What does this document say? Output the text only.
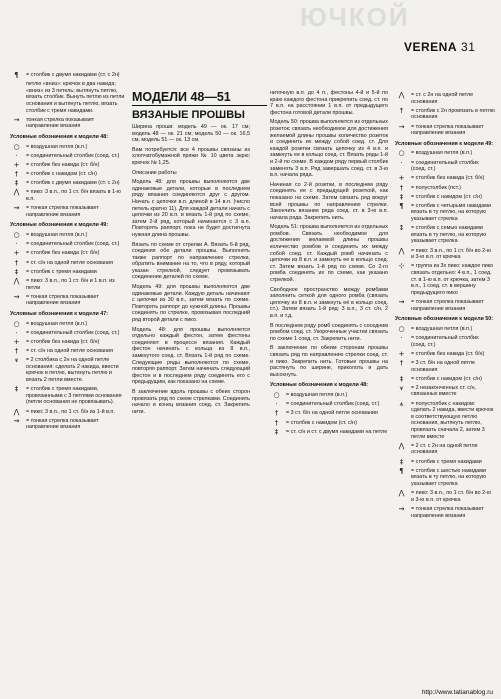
ЮЧКОЙ
VERENA 31
¶	= столбик с двумя накидами (ст. с 2н)
петлю «вниз»: крючок в два накида; «вниз» из 3 петель; вытянуть петлю, вязать столбик. Вынуть петлю из петли основания и вытянуть петлю, вязать столбик с тремя накидами.
→	тонкая стрелка показывает направление вязания
Условные обозначения к модели 48:
○	= воздушная петля (в.п.)
·	= соединительный столбик (соед. ст.)
+	= столбик без накида (ст. б/н)
†	= столбик с накидом (ст. с/н)
‡	= столбик с двумя накидами (ст. с 2н)
⋀	= пико: 3 в.п., по 1 ст. б/н вязать в 1-ю в.п.
⇝	= тонкая стрелка показывает направление вязания
Условные обозначения к модели 49:
○	= воздушная петля (в.п.)
·	= соединительный столбик (соед. ст.)
+	= столбик без накида (ст. б/н)
†	= ст. с/н на одной петле основания
‡	= столбик с тремя накидами
⋀	= пико: 3 в.п., по 1 ст. б/н и 1 в.п. из петли
⇝	= тонкая стрелка показывает направление вязания
Условные обозначения к модели 47:
○	= воздушная петля (в.п.)
·	= соединительный столбик (соед. ст.)
+	= столбик без накида (ст. б/н)
†	= ст. с/н на одной петле основания
⩛	= 2 столбика с 2н на одной петле основания: сделать 2 накида, ввести крючок в петлю, вытянуть петлю и вязать 2 петли вместе.
‡	= столбик с тремя накидами, провязанными с 3 петлями основания (петли основания не провязывать).
⋀	= пико: 3 в.п., по 1 ст. б/н из 1-й в.п.
⇝	= тонкая стрелка показывает направление вязания
МОДЕЛИ 48—51
ВЯЗАНЫЕ ПРОШВЫ
Ширина прошв: модель 49 — ок. 17 см; модель 48 — ок. 21 см; модель 50 — ок. 16,5 см, модель 51 — ок. 13 см.
Вам потребуется: все 4 прошвы связаны из хлопчатобумажной пряжи № 10 цвета экрю; крючок № 1,25.
Описание работы
Модель 48: для прошвы выполняются две одинаковые детали, которые в последнем ряду вязания соединяются друг с другом. Начать с цепочки в.п. длиной в 14 в.п. (число петель кратно 11). Для каждой детали начать с цепочки из 20 в.п. и вязать 1-й ряд по схеме, затем 2-й ряд, который начинается с 3 в.п. Повторять раппорт, пока не будет достигнута нужная длина прошвы.
Вязать по схеме от стрелки А. Вязать 6-й ряд, соединяя обе детали прошвы. Выполнять также раппорт по направлению стрелки, обратить внимание на то, что в ряду, который указан стрелкой, следует провязывать соединение деталей по схеме.
Модель 49: для прошвы выполняются две одинаковые детали. Каждую деталь начинают с цепочки из 30 в.п., затем вязать по схеме. Повторять раппорт до нужной длины. Прошвы соединять по стрелке, провязывая последний ряд второй детали с пико.
Модель 48: для прошвы выполняется отдельно каждый фестон, затем фестоны соединяют в процессе вязания. Каждый фестон начинать с кольца из 8 в.п., замкнутого соед. ст. Вязать 1-й ряд по схеме. Следующие ряды выполняются по схеме, повторяя раппорт. Затем начинать следующий фестон и в последнем ряду соединять его с предыдущим, как показано на схеме.
В заключение вдоль прошвы с обеих сторон провязать ряд по схеме стрелками. Соединить начало и конец вязания соед. ст. Закрепить нити.
ниточную в.п. до 4 п., фестоны 4-й и 5-й по краю каждого фестона прикрепить соед. ст. по 7 в.п. на расстоянии 1 в.п. от предыдущего фестона готовой детали прошвы.
Модель 50: прошва выполняется из отдельных розеток: связать необходимое для достижения желаемой длины прошвы количество розеток и соединить их между собой соед. ст. Для каждой розетки связать цепочку из 4 в.п. и замкнуть ее в кольцо соед. ст. Вязать ряды 1-й и 2-й по схеме. В каждом ряду первый столбик заменять 3 в.п. Ряд завершать соед. ст. в 3-ю в.п. начала ряда.
Начиная со 2-й розетки, в последнем ряду соединять ее с предыдущей розеткой, как показано на схеме. Затем связать ряд вокруг всей прошвы по направлению стрелки. Закончить вязание ряда соед. ст. в 3-ю в.п. начала ряда. Закрепить нить.
Модель 51: прошва выполняется из отдельных ромбов. Связать необходимое для достижения желаемой длины прошвы количество ромбов и соединить их между собой соед. ст. Каждый ромб начинать с цепочки из 8 в.п. и замкнуть ее в кольцо соед. ст. Затем вязать 1-й ряд по схеме. Со 2-го ромба соединять их по схеме, как указано стрелкой.
Свободное пространство между ромбами заполнить сеткой для одного ромба (связать цепочку из 8 в.п. и замкнуть её в кольцо соед. ст.). Затем вязать 1-й ряд: 3 в.п., 3 ст. с/н, 2 в.п. и т.д.
В последнем ряду ромб соединять с соседним ромбом соед. ст. Укороченные участки связать по схеме 1 соед. ст. Закрепить нити.
В заключение по обеим сторонам прошвы связать ряд по направлению стрелки соед. ст. и пико. Закрепить нить. Готовые прошвы на растянуть по ширине, приколоть и дать высохнуть.
Условные обозначения к модели 48:
○	= воздушная петля (в.п.)
·	= соединительный столбик (соед. ст.)
†	= 3 ст. б/н на одной петле основания
†	= столбик с накидом (ст. с/н)
‡	= ст. с/н и ст. с двумя накидами на петле
⋀	= ст. с 2н на одной петле основания
↑	= столбик с 2н провязать в петлю основания
→	= тонкая стрелка показывает направление вязания
Условные обозначения к модели 49:
○	= воздушная петля (в.п.)
·	= соединительный столбик (соед. ст.)
+	= столбик без накида (ст. б/н)
†	= полустолбик (пст.)
‡	= столбик с накидом (ст. с/н)
¶	= столбик с четырьмя накидами вязать в ту петлю, на которую указывает стрелка
↕	= столбик с семью накидами вязать в ту петлю, на которую указывает стрелка
⋀	= пико: 3 в.п., по 1 ст. б/н во 2-ю и 3-ю в.п. от крючка
⊹	= группа из 3х пико: каждое пико связать отдельно: 4 в.п., 1 соед. ст. в 1-ю в.п. от крючка, затем 3 в.п., 1 соед. ст. в вершину предыдущего пико
⇝	= тонкая стрелка показывает направление вязания
Условные обозначения к модели 50:
○	= воздушная петля (в.п.)
·	= соединительный столбик (соед. ст.)
+	= столбик без накида (ст. б/н)
†	= 3 ст. б/н на одной петле основания
‡	= столбик с накидом (ст. с/н)
⩛	= 2 незаконченных ст. с/н, связанных вместе
⩚	= полустолбик с накидом: сделать 2 накида, ввести крючок в соответствующую петлю основания, вытянуть петлю, провязать сначала 2, затем 3 петли вместе
⋀	= 2 ст. с 2н на одной петле основания
‡	= столбик с тремя накидами
¶	= столбик с шестью накидами вязать в ту петлю, на которую указывает стрелка
⋀	= пико: 3 в.п., по 1 ст. б/н во 2-ю и 3-ю в.п. от крючка
⇝	= тонкая стрелка показывает направление вязания
http://www.tatianablog.ru
